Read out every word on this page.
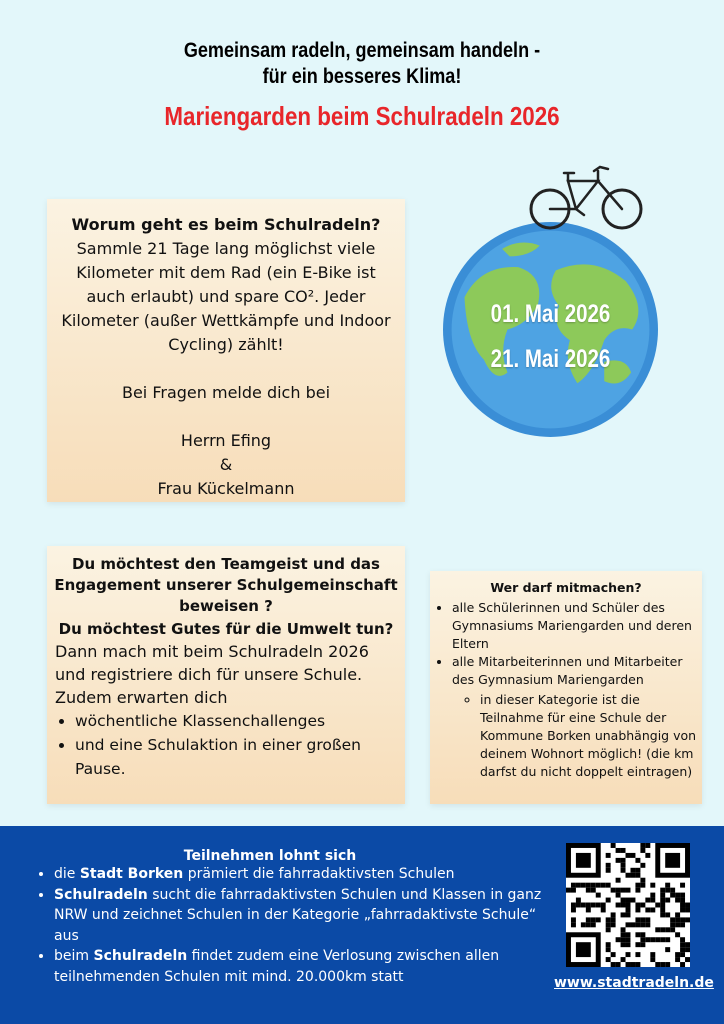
Gemeinsam radeln, gemeinsam handeln -
für ein besseres Klima!
Mariengarden beim Schulradeln 2026
Worum geht es beim Schulradeln?
Sammle 21 Tage lang möglichst viele
Kilometer mit dem Rad (ein E-Bike ist
auch erlaubt) und spare CO². Jeder
Kilometer (außer Wettkämpfe und Indoor
Cycling) zählt!
Bei Fragen melde dich bei
Herrn Efing
&
Frau Kückelmann
01. Mai 2026
21. Mai 2026
Du möchtest den Teamgeist und das Engagement unserer Schulgemeinschaft beweisen ?
Du möchtest Gutes für die Umwelt tun?
Dann mach mit beim Schulradeln 2026 und registriere dich für unsere Schule. Zudem erwarten dich
• wöchentliche Klassenchallenges
• und eine Schulaktion in einer großen Pause.
Wer darf mitmachen?
• alle Schülerinnen und Schüler des Gymnasiums Mariengarden und deren Eltern
• alle Mitarbeiterinnen und Mitarbeiter des Gymnasium Mariengarden
◦ in dieser Kategorie ist die Teilnahme für eine Schule der Kommune Borken unabhängig von deinem Wohnort möglich! (die km darfst du nicht doppelt eintragen)
Teilnehmen lohnt sich
• die Stadt Borken prämiert die fahrradaktivsten Schulen
• Schulradeln sucht die fahrradaktivsten Schulen und Klassen in ganz NRW und zeichnet Schulen in der Kategorie „fahrradaktivste Schule“ aus
• beim Schulradeln findet zudem eine Verlosung zwischen allen teilnehmenden Schulen mit mind. 20.000km statt	www.stadtradeln.de
